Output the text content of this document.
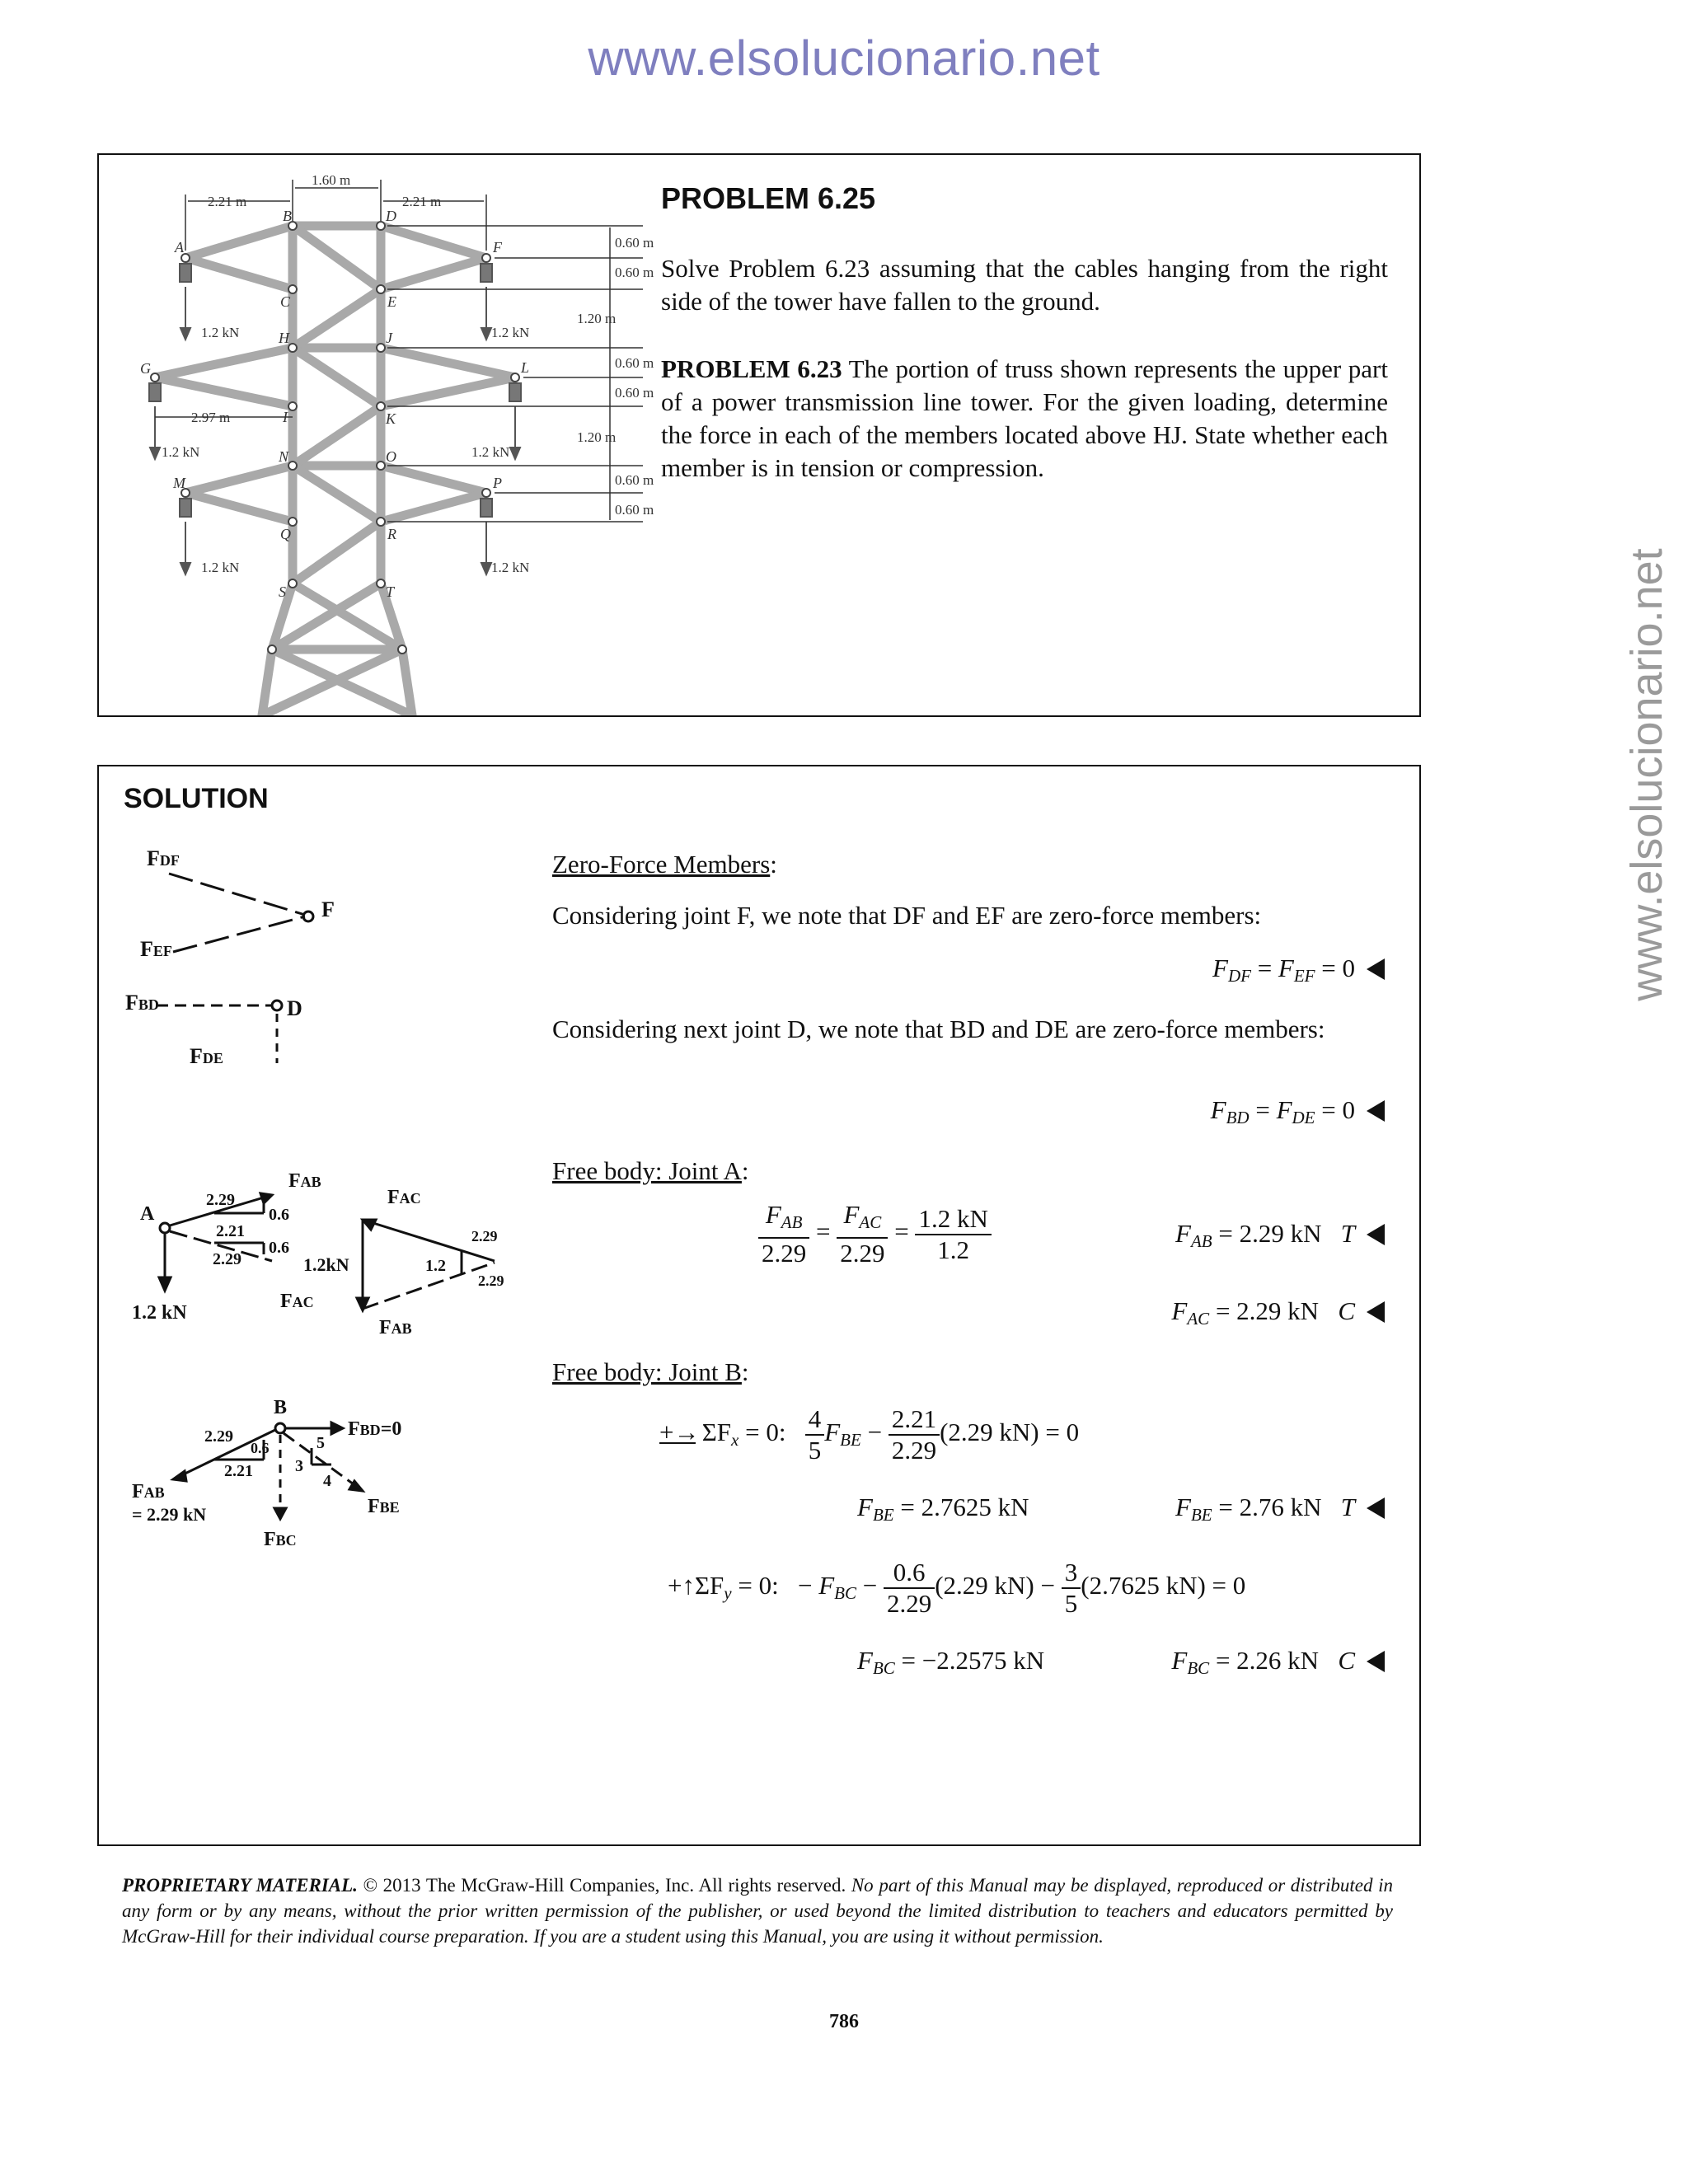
www.elsolucionario.net
www.elsolucionario.net
2.21 m
1.60 m
2.21 m
2.97 m
0.60 m
0.60 m
1.20 m
0.60 m
0.60 m
1.20 m
0.60 m
0.60 m
1.2 kN	1.2 kN
1.2 kN	1.2 kN
1.2 kN	1.2 kN
A
B
C
D
E
F
G
H
I
J
K
L
M
N	O
P
Q	R
S	T
PROBLEM 6.25

Solve Problem 6.23 assuming that the cables hanging from the right side of the tower have fallen to the ground.

PROBLEM 6.23 The portion of truss shown represents the upper part of a power transmission line tower. For the given loading, determine the force in each of the members located above HJ. State whether each member is in tension or compression.

SOLUTION
FDF
F
FEF
FBD	D
FDE
A
1.2 kN
FAB
FAC
2.29
0.6
2.21
0.6
2.29	1.2kN
FAC
FAB
1.2
2.29
2.29
B
FBD=0
2.29
0.6
2.21	3
5
4
FAB
= 2.29 kN	FBE
FBC
Zero-Force Members:
Considering joint F, we note that DF and EF are zero-force members:
$F_{DF} = F_{EF} = 0$
Considering next joint D, we note that BD and DE are zero-force members:
$F_{BD} = F_{DE} = 0$
Free body: Joint A:
$\frac{F_{AB}}{2.29} = \frac{F_{AC}}{2.29} = \frac{1.2 kN}{1.2}$	$F_{AB} = 2.29$ kN T
$F_{AC} = 2.29$ kN C
Free body: Joint B:
+→ $\Sigma F_x = 0$: $\frac{4}{5} F_{BE} - \frac{2.21}{2.29} (2.29$ kN) = 0
$F_{BE} = 2.7625$ kN	$F_{BE} = 2.76$ kN T
$+↑\Sigma F_y = 0$:   − $F_{BC} - \frac{0.6}{2.29} (2.29$ $kN) - \frac{3}{5} (2.7625$ kN) = 0
$F_{BC} = -2.2575$ kN	$F_{BC} = 2.26$ kN C

PROPRIETARY MATERIAL. © 2013 The McGraw-Hill Companies, Inc. All rights reserved. No part of this Manual may be displayed, reproduced or distributed in any form or by any means, without the prior written permission of the publisher, or used beyond the limited distribution to teachers and educators permitted by McGraw-Hill for their individual course preparation. If you are a student using this Manual, you are using it without permission.

786
